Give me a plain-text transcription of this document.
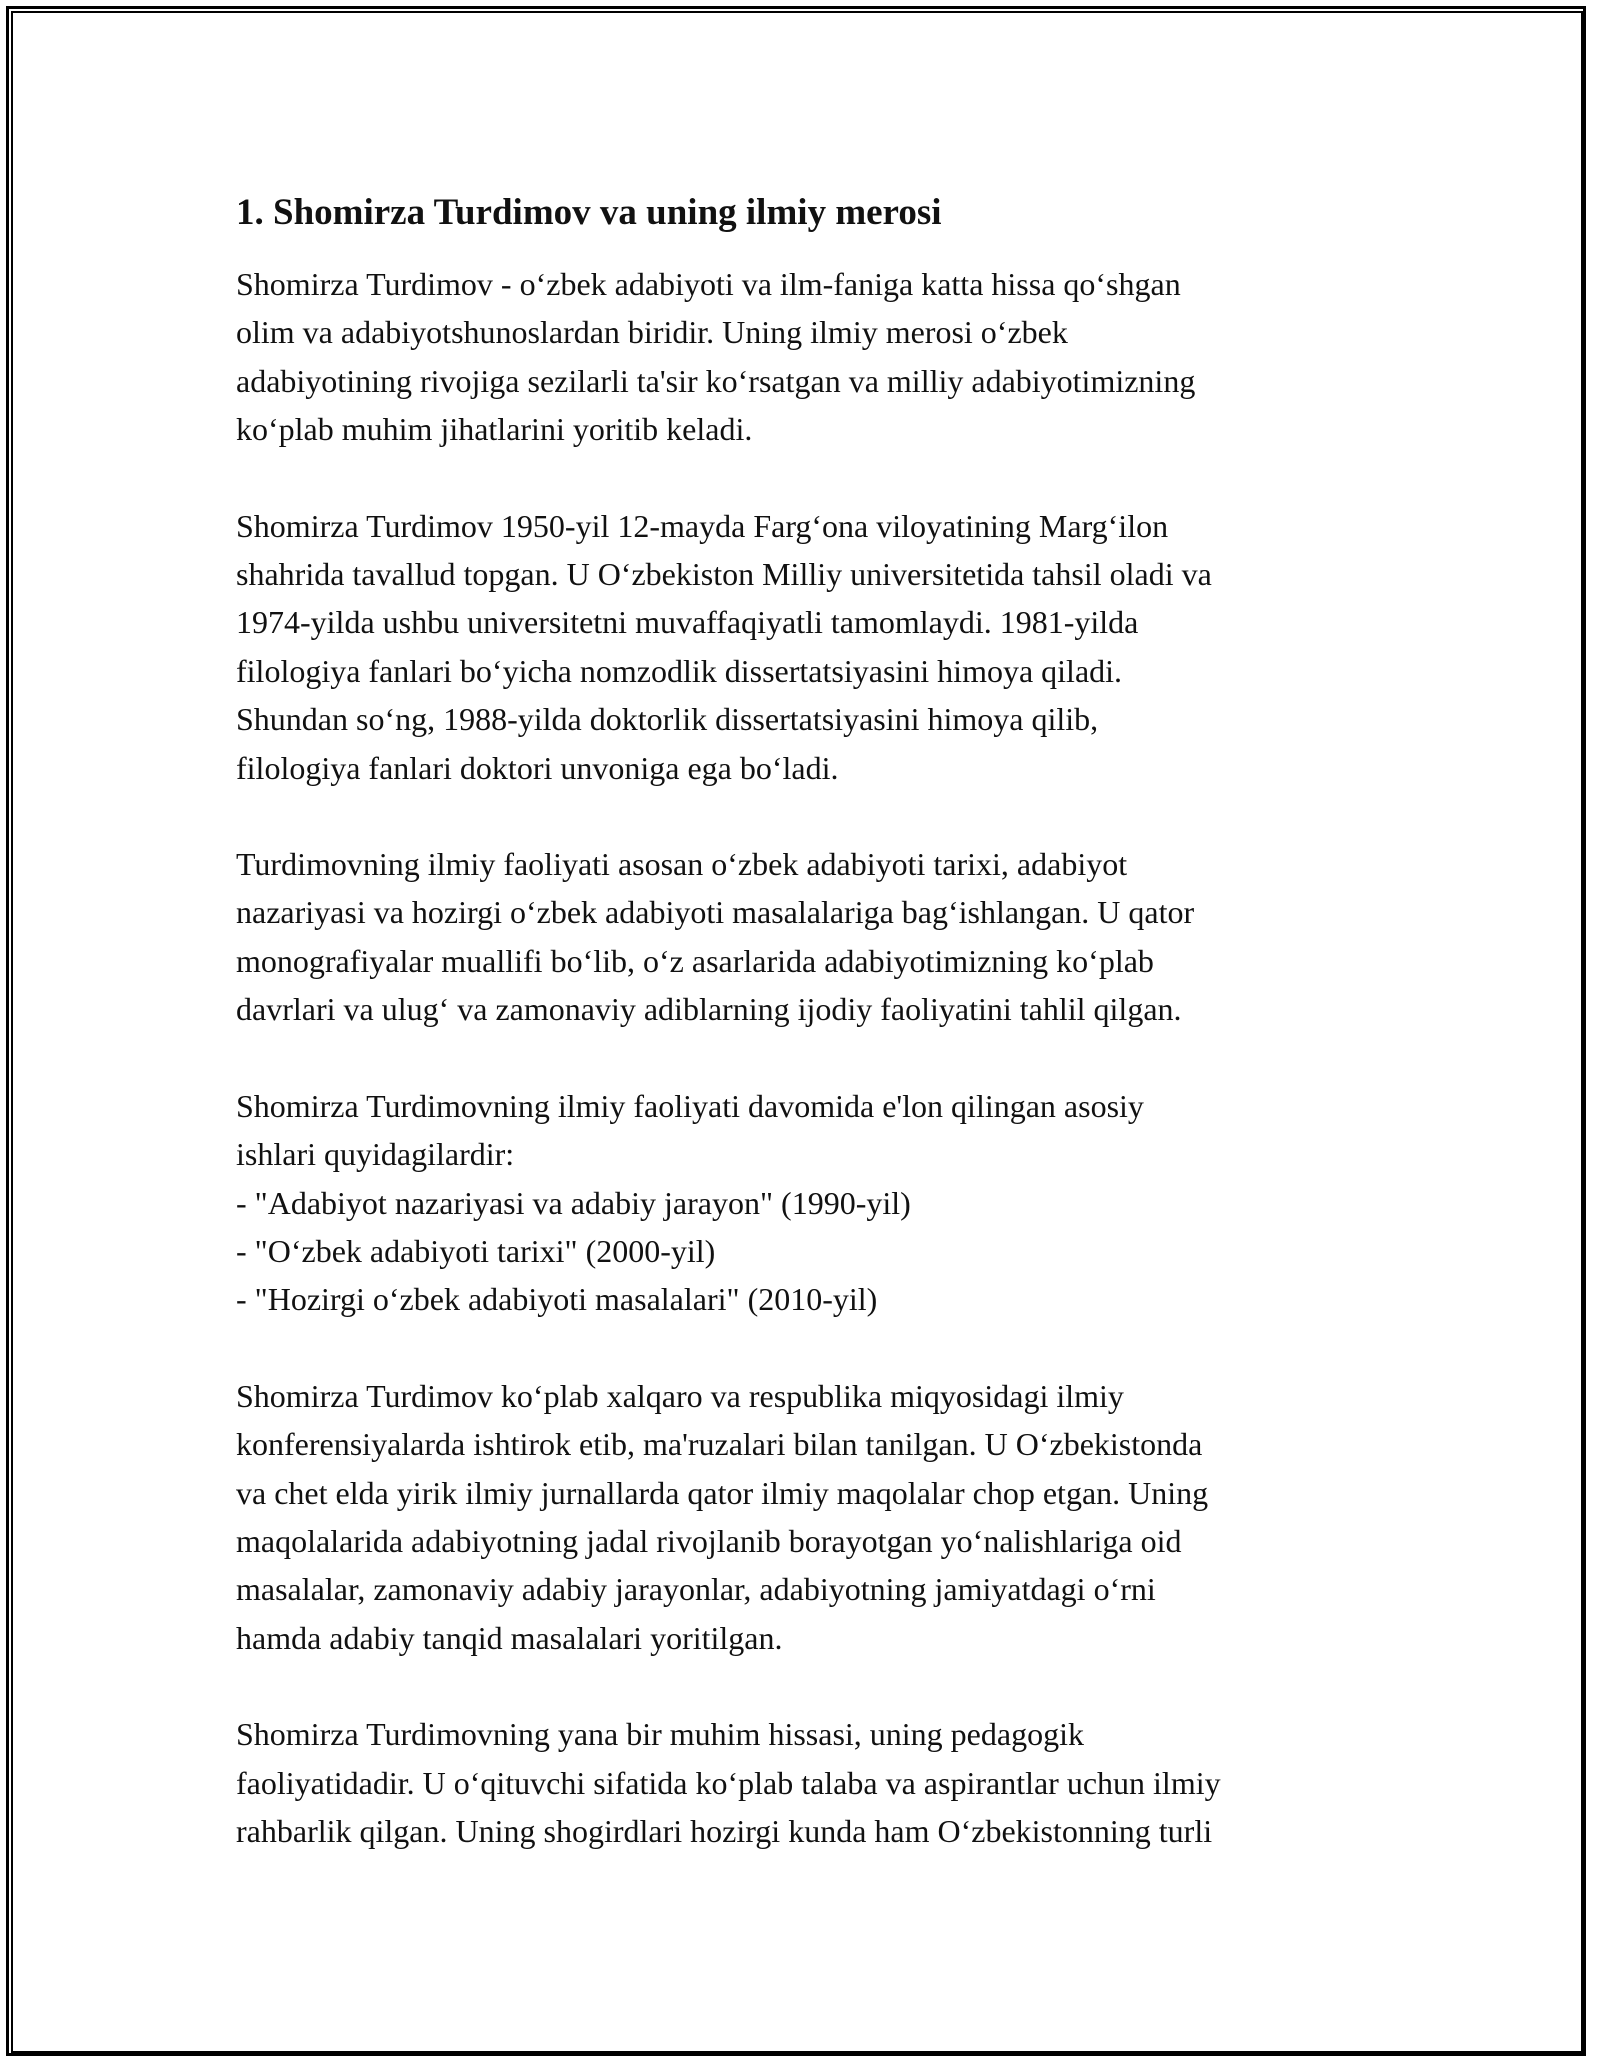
1. Shomirza Turdimov va uning ilmiy merosi

Shomirza Turdimov - o‘zbek adabiyoti va ilm-faniga katta hissa qo‘shgan
olim va adabiyotshunoslardan biridir. Uning ilmiy merosi o‘zbek
adabiyotining rivojiga sezilarli ta'sir ko‘rsatgan va milliy adabiyotimizning
ko‘plab muhim jihatlarini yoritib keladi.

Shomirza Turdimov 1950-yil 12-mayda Farg‘ona viloyatining Marg‘ilon
shahrida tavallud topgan. U O‘zbekiston Milliy universitetida tahsil oladi va
1974-yilda ushbu universitetni muvaffaqiyatli tamomlaydi. 1981-yilda
filologiya fanlari bo‘yicha nomzodlik dissertatsiyasini himoya qiladi.
Shundan so‘ng, 1988-yilda doktorlik dissertatsiyasini himoya qilib,
filologiya fanlari doktori unvoniga ega bo‘ladi.

Turdimovning ilmiy faoliyati asosan o‘zbek adabiyoti tarixi, adabiyot
nazariyasi va hozirgi o‘zbek adabiyoti masalalariga bag‘ishlangan. U qator
monografiyalar muallifi bo‘lib, o‘z asarlarida adabiyotimizning ko‘plab
davrlari va ulug‘ va zamonaviy adiblarning ijodiy faoliyatini tahlil qilgan.

Shomirza Turdimovning ilmiy faoliyati davomida e'lon qilingan asosiy
ishlari quyidagilardir:
- "Adabiyot nazariyasi va adabiy jarayon" (1990-yil)
- "O‘zbek adabiyoti tarixi" (2000-yil)
- "Hozirgi o‘zbek adabiyoti masalalari" (2010-yil)

Shomirza Turdimov ko‘plab xalqaro va respublika miqyosidagi ilmiy
konferensiyalarda ishtirok etib, ma'ruzalari bilan tanilgan. U O‘zbekistonda
va chet elda yirik ilmiy jurnallarda qator ilmiy maqolalar chop etgan. Uning
maqolalarida adabiyotning jadal rivojlanib borayotgan yo‘nalishlariga oid
masalalar, zamonaviy adabiy jarayonlar, adabiyotning jamiyatdagi o‘rni
hamda adabiy tanqid masalalari yoritilgan.

Shomirza Turdimovning yana bir muhim hissasi, uning pedagogik
faoliyatidadir. U o‘qituvchi sifatida ko‘plab talaba va aspirantlar uchun ilmiy
rahbarlik qilgan. Uning shogirdlari hozirgi kunda ham O‘zbekistonning turli
